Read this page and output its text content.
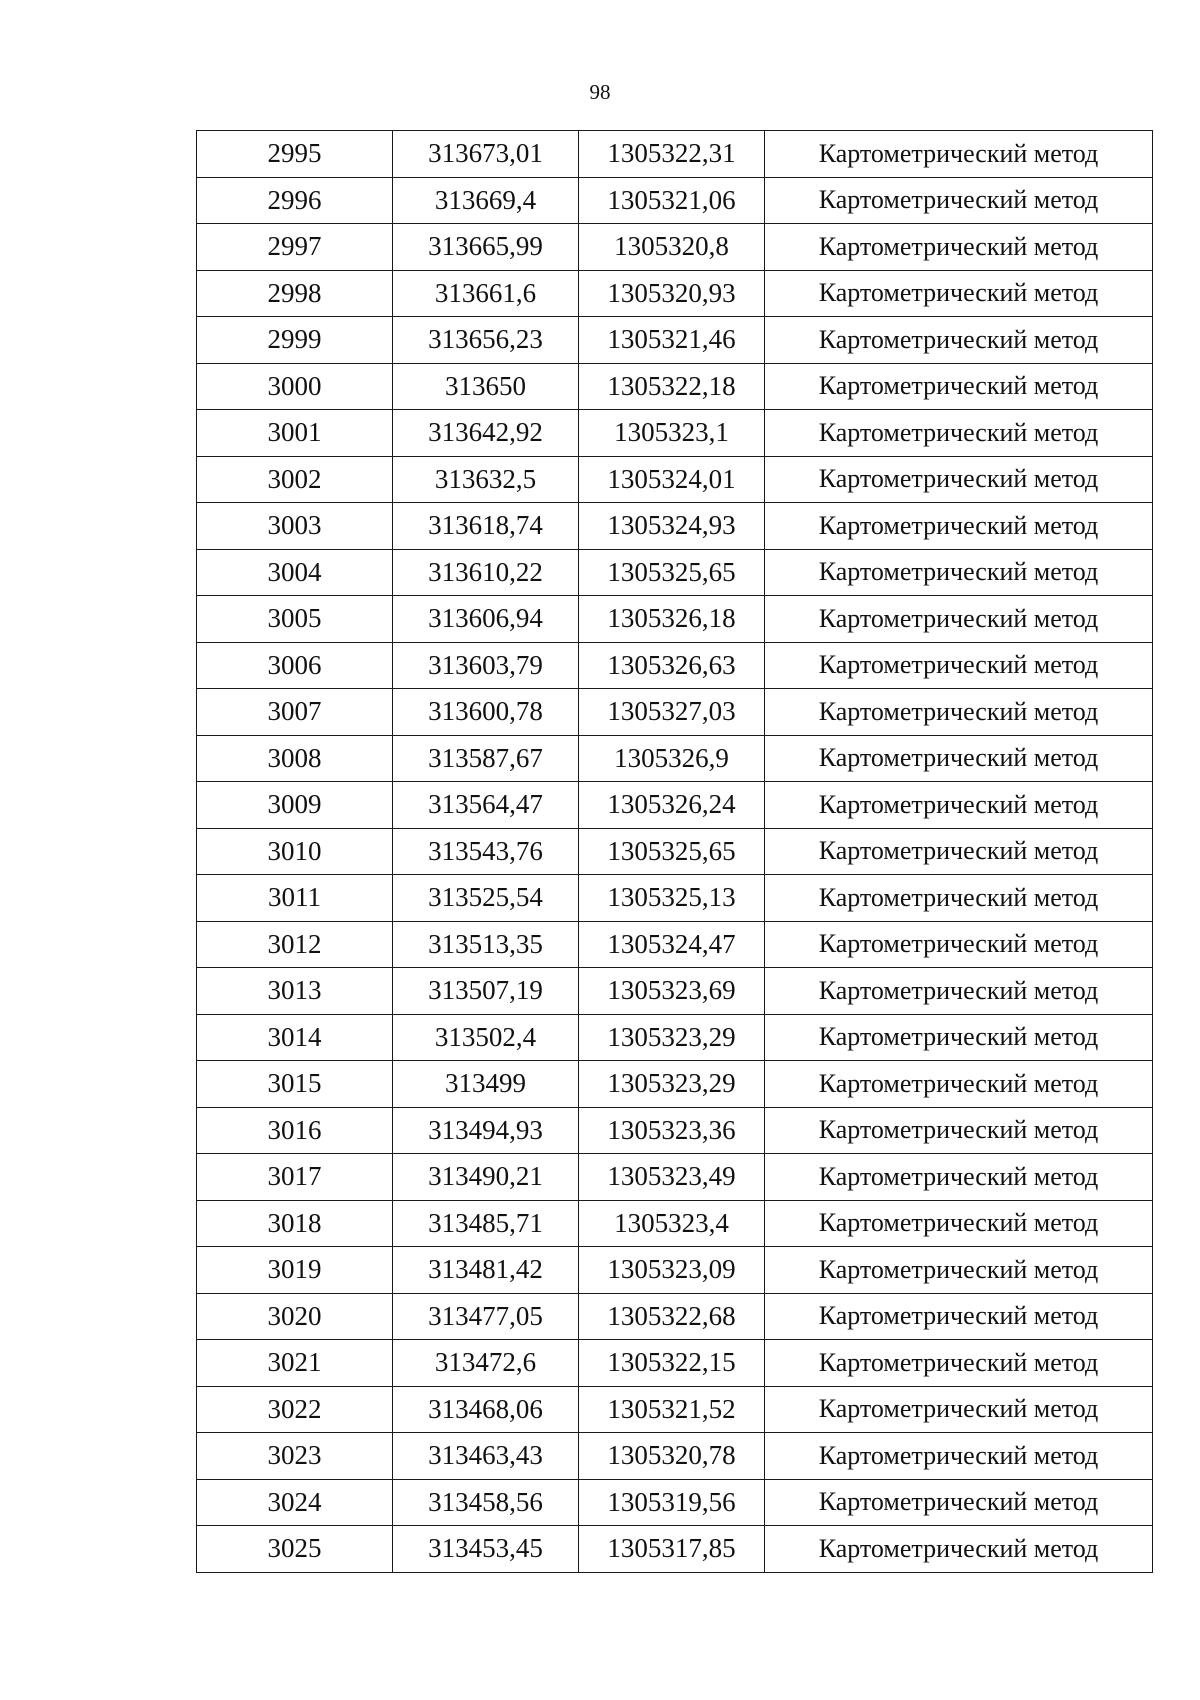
98
2995	313673,01	1305322,31	Картометрический метод
2996	313669,4	1305321,06	Картометрический метод
2997	313665,99	1305320,8	Картометрический метод
2998	313661,6	1305320,93	Картометрический метод
2999	313656,23	1305321,46	Картометрический метод
3000	313650	1305322,18	Картометрический метод
3001	313642,92	1305323,1	Картометрический метод
3002	313632,5	1305324,01	Картометрический метод
3003	313618,74	1305324,93	Картометрический метод
3004	313610,22	1305325,65	Картометрический метод
3005	313606,94	1305326,18	Картометрический метод
3006	313603,79	1305326,63	Картометрический метод
3007	313600,78	1305327,03	Картометрический метод
3008	313587,67	1305326,9	Картометрический метод
3009	313564,47	1305326,24	Картометрический метод
3010	313543,76	1305325,65	Картометрический метод
3011	313525,54	1305325,13	Картометрический метод
3012	313513,35	1305324,47	Картометрический метод
3013	313507,19	1305323,69	Картометрический метод
3014	313502,4	1305323,29	Картометрический метод
3015	313499	1305323,29	Картометрический метод
3016	313494,93	1305323,36	Картометрический метод
3017	313490,21	1305323,49	Картометрический метод
3018	313485,71	1305323,4	Картометрический метод
3019	313481,42	1305323,09	Картометрический метод
3020	313477,05	1305322,68	Картометрический метод
3021	313472,6	1305322,15	Картометрический метод
3022	313468,06	1305321,52	Картометрический метод
3023	313463,43	1305320,78	Картометрический метод
3024	313458,56	1305319,56	Картометрический метод
3025	313453,45	1305317,85	Картометрический метод
